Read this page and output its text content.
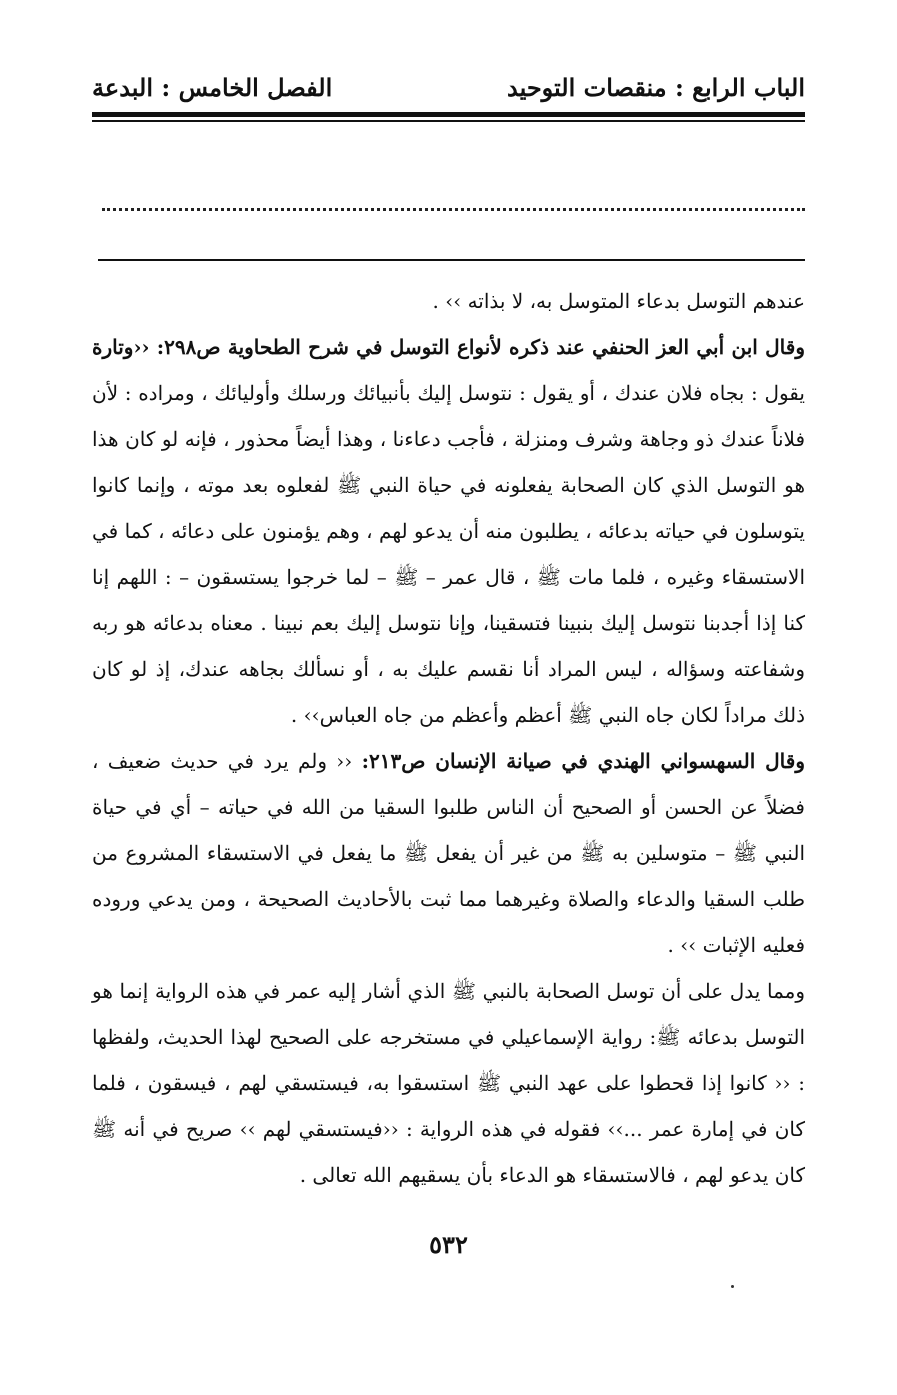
الباب الرابع : منقصات التوحيد
الفصل الخامس : البدعة

عندهم التوسل بدعاء المتوسل به، لا بذاته ›› .

وقال ابن أبي العز الحنفي عند ذكره لأنواع التوسل في شرح الطحاوية ص٢٩٨: ‹‹وتارة يقول : بجاه فلان عندك ، أو يقول : نتوسل إليك بأنبيائك ورسلك وأوليائك ، ومراده : لأن فلاناً عندك ذو وجاهة وشرف ومنزلة ، فأجب دعاءنا ، وهذا أيضاً محذور ، فإنه لو كان هذا هو التوسل الذي كان الصحابة يفعلونه في حياة النبي ﷺ لفعلوه بعد موته ، وإنما كانوا يتوسلون في حياته بدعائه ، يطلبون منه أن يدعو لهم ، وهم يؤمنون على دعائه ، كما في الاستسقاء وغيره ، فلما مات ﷺ ، قال عمر – ﷺ – لما خرجوا يستسقون – : اللهم إنا كنا إذا أجدبنا نتوسل إليك بنبينا فتسقينا، وإنا نتوسل إليك بعم نبينا . معناه بدعائه هو ربه وشفاعته وسؤاله ، ليس المراد أنا نقسم عليك به ، أو نسألك بجاهه عندك، إذ لو كان ذلك مراداً لكان جاه النبي ﷺ أعظم وأعظم من جاه العباس›› .

وقال السهسواني الهندي في صيانة الإنسان ص٢١٣: ‹‹ ولم يرد في حديث ضعيف ، فضلاً عن الحسن أو الصحيح أن الناس طلبوا السقيا من الله في حياته – أي في حياة النبي ﷺ – متوسلين به ﷺ من غير أن يفعل ﷺ ما يفعل في الاستسقاء المشروع من طلب السقيا والدعاء والصلاة وغيرهما مما ثبت بالأحاديث الصحيحة ، ومن يدعي وروده فعليه الإثبات ›› .

ومما يدل على أن توسل الصحابة بالنبي ﷺ الذي أشار إليه عمر في هذه الرواية إنما هو التوسل بدعائه ﷺ: رواية الإسماعيلي في مستخرجه على الصحيح لهذا الحديث، ولفظها : ‹‹ كانوا إذا قحطوا على عهد النبي ﷺ استسقوا به، فيستسقي لهم ، فيسقون ، فلما كان في إمارة عمر ...›› فقوله في هذه الرواية : ‹‹فيستسقي لهم ›› صريح في أنه ﷺ كان يدعو لهم ، فالاستسقاء هو الدعاء بأن يسقيهم الله تعالى .

٥٣٢
